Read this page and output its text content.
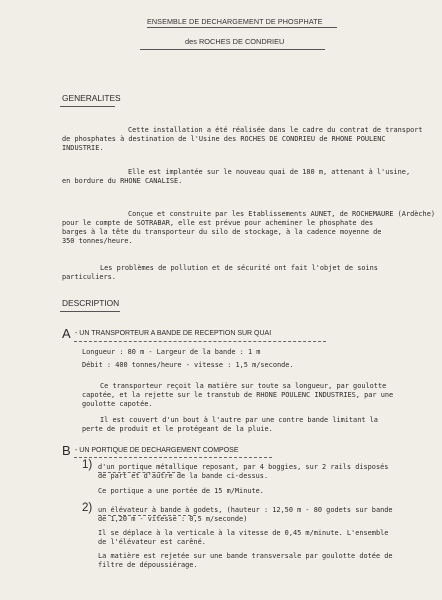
ENSEMBLE DE DECHARGEMENT DE PHOSPHATE
des ROCHES DE CONDRIEU
GENERALITES
Cette installation a été réalisée dans le cadre du contrat de transport
de phosphates à destination de l'Usine des ROCHES DE CONDRIEU de RHONE POULENC
INDUSTRIE.
Elle est implantée sur le nouveau quai de 180 m, attenant à l'usine,
en bordure du RHONE CANALISE.
Conçue et construite par les Etablissements AUNET, de ROCHEMAURE (Ardèche)
pour le compte de SOTRABAR, elle est prévue pour acheminer le phosphate des
barges à la tête du transporteur du silo de stockage, à la cadence moyenne de
350 tonnes/heure.
Les problèmes de pollution et de sécurité ont fait l'objet de soins
particuliers.
DESCRIPTION
A - UN TRANSPORTEUR A BANDE DE RECEPTION SUR QUAI
Longueur : 80 m - Largeur de la bande : 1 m
Débit : 400 tonnes/heure - vitesse : 1,5 m/seconde.
Ce transporteur reçoit la matière sur toute sa longueur, par goulotte
capotée, et la rejette sur le transtub de RHONE POULENC INDUSTRIES, par une
goulotte capotée.
Il est couvert d'un bout à l'autre par une contre bande limitant la
perte de produit et le protégeant de la pluie.
B - UN PORTIQUE DE DECHARGEMENT COMPOSE
1) d'un portique métallique reposant, par 4 boggies, sur 2 rails disposés
de part et d'autre de la bande ci-dessus.
Ce portique a une portée de 15 m/Minute.
2) un élévateur à bande à godets, (hauteur : 12,50 m - 80 godets sur bande
de 1,20 m - vitesse : 0,5 m/seconde)
Il se déplace à la verticale à la vitesse de 0,45 m/minute. L'ensemble
de l'élévateur est carêné.
La matière est rejetée sur une bande transversale par goulotte dotée de
filtre de dépoussiérage.
